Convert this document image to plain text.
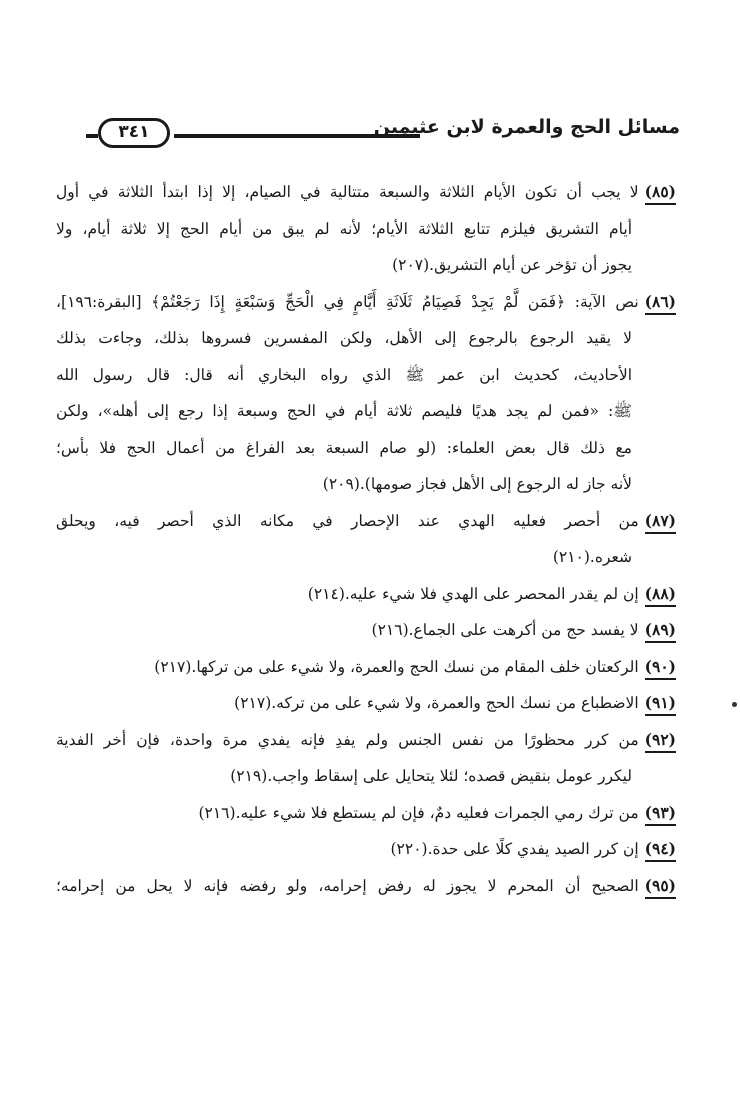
مسائل الحج والعمرة لابن عثيمين
٣٤١
(٨٥)لا يجب أن تكون الأيام الثلاثة والسبعة متتالية في الصيام، إلا إذا ابتدأ الثلاثة في أول
أيام التشريق فيلزم تتابع الثلاثة الأيام؛ لأنه لم يبق من أيام الحج إلا ثلاثة أيام، ولا
يجوز أن تؤخر عن أيام التشريق.(٢٠٧)
(٨٦)نص الآية: ﴿فَمَن لَّمْ يَجِدْ فَصِيَامُ ثَلَاثَةِ أَيَّامٍ فِي الْحَجِّ وَسَبْعَةٍ إِذَا رَجَعْتُمْ﴾ [البقرة:١٩٦]،
لا يقيد الرجوع بالرجوع إلى الأهل، ولكن المفسرين فسروها بذلك، وجاءت بذلك
الأحاديث، كحديث ابن عمر ﷺ الذي رواه البخاري أنه قال: قال رسول الله
ﷺ: «فمن لم يجد هديًا فليصم ثلاثة أيام في الحج وسبعة إذا رجع إلى أهله»، ولكن
مع ذلك قال بعض العلماء: (لو صام السبعة بعد الفراغ من أعمال الحج فلا بأس؛
لأنه جاز له الرجوع إلى الأهل فجاز صومها).(٢٠٩)
(٨٧)من أحصر فعليه الهدي عند الإحصار في مكانه الذي أحصر فيه، ويحلق
شعره.(٢١٠)
(٨٨)إن لم يقدر المحصر على الهدي فلا شيء عليه.(٢١٤)
(٨٩)لا يفسد حج من أكرهت على الجماع.(٢١٦)
(٩٠)الركعتان خلف المقام من نسك الحج والعمرة، ولا شيء على من تركها.(٢١٧)
(٩١)الاضطباع من نسك الحج والعمرة، ولا شيء على من تركه.(٢١٧)
(٩٢)من كرر محظورًا من نفس الجنس ولم يفدِ فإنه يفدي مرة واحدة، فإن أخر الفدية
ليكرر عومل بنقيض قصده؛ لئلا يتحايل على إسقاط واجب.(٢١٩)
(٩٣)من ترك رمي الجمرات فعليه دمٌ، فإن لم يستطع فلا شيء عليه.(٢١٦)
(٩٤)إن كرر الصيد يفدي كلًا على حدة.(٢٢٠)
(٩٥)الصحيح أن المحرم لا يجوز له رفض إحرامه، ولو رفضه فإنه لا يحل من إحرامه؛
